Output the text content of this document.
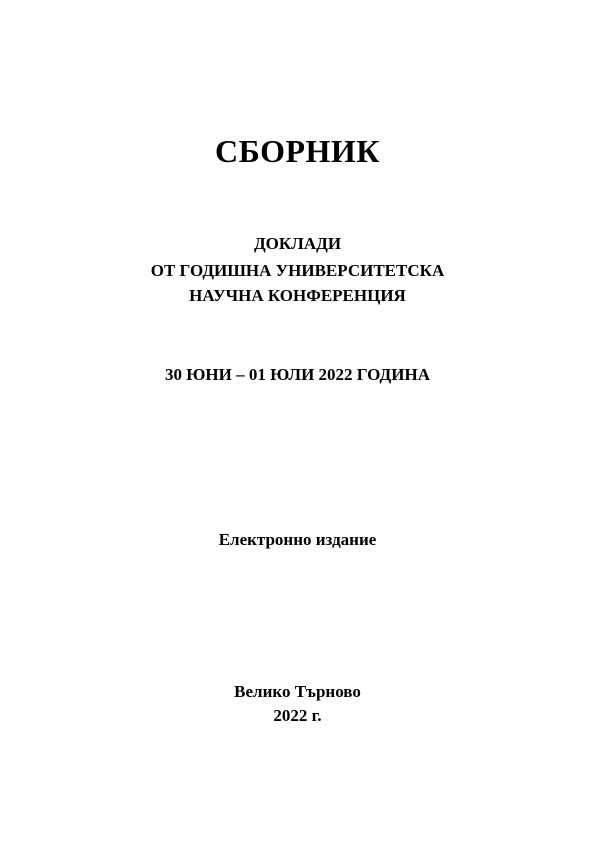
СБОРНИК
ДОКЛАДИ
ОТ ГОДИШНА УНИВЕРСИТЕТСКА
НАУЧНА КОНФЕРЕНЦИЯ
30 ЮНИ – 01 ЮЛИ 2022 ГОДИНА
Електронно издание
Велико Търново
2022 г.
